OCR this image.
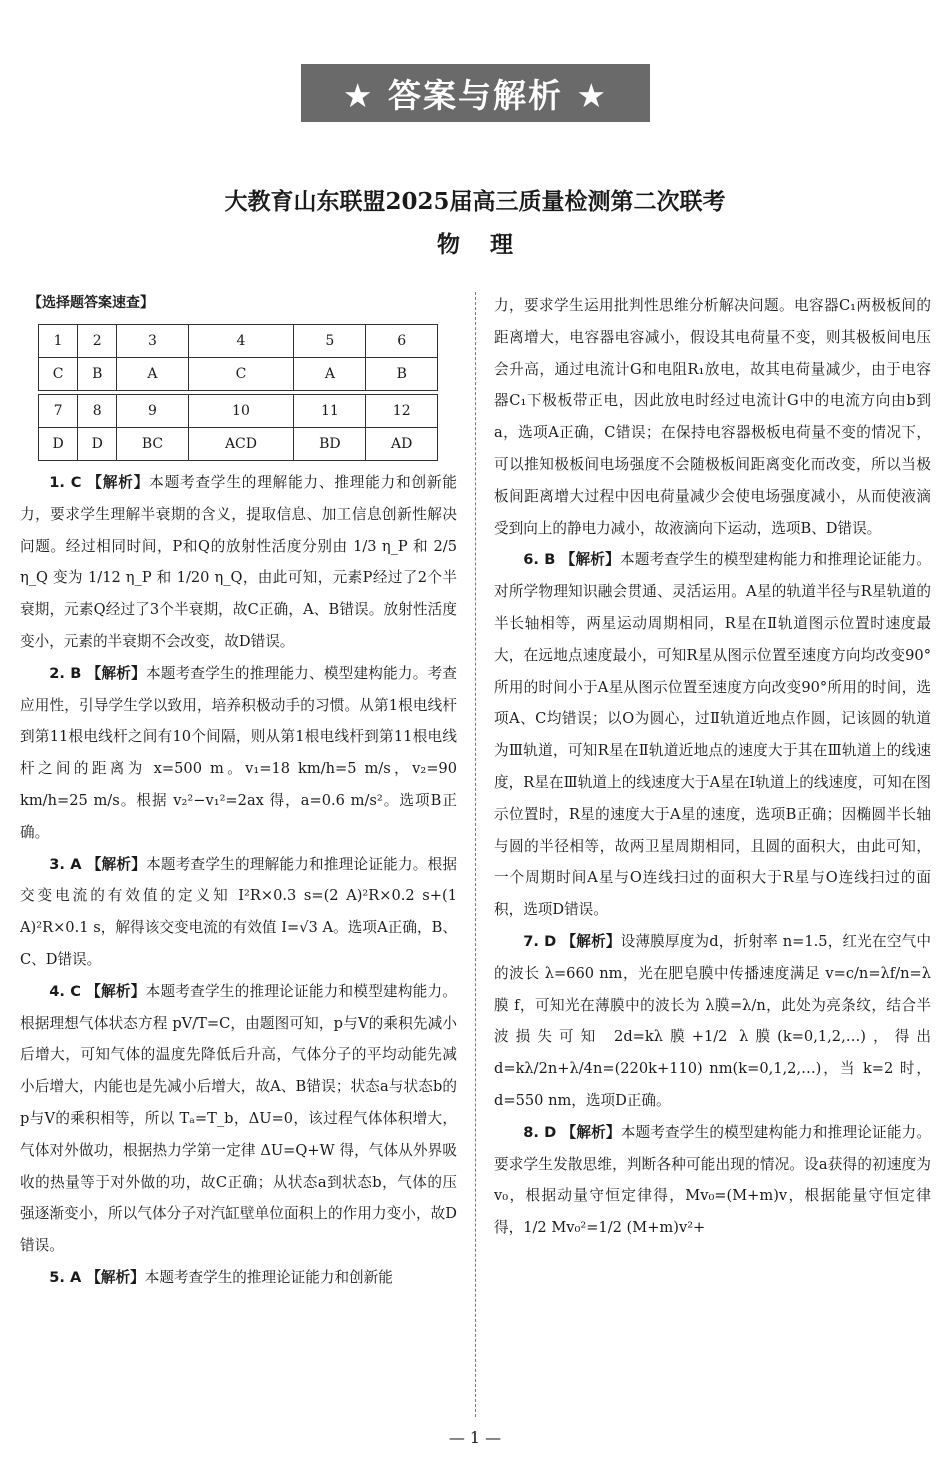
★ 答案与解析 ★
大教育山东联盟2025届高三质量检测第二次联考
物理
【选择题答案速查】
1	2	3	4	5	6
C	B	A	C	A	B

7	8	9	10	11	12
D	D	BC	ACD	BD	AD

1. C 【解析】本题考查学生的理解能力、推理能力和创新能力，要求学生理解半衰期的含义，提取信息、加工信息创新性解决问题。经过相同时间，P和Q的放射性活度分别由 1/3 η_P 和 2/5 η_Q 变为 1/12 η_P 和 1/20 η_Q，由此可知，元素P经过了2个半衰期，元素Q经过了3个半衰期，故C正确，A、B错误。放射性活度变小，元素的半衰期不会改变，故D错误。

2. B 【解析】本题考查学生的推理能力、模型建构能力。考查应用性，引导学生学以致用，培养积极动手的习惯。从第1根电线杆到第11根电线杆之间有10个间隔，则从第1根电线杆到第11根电线杆之间的距离为 x=500 m。v₁=18 km/h=5 m/s，v₂=90 km/h=25 m/s。根据 v₂²−v₁²=2ax 得，a=0.6 m/s²。选项B正确。

3. A 【解析】本题考查学生的理解能力和推理论证能力。根据交变电流的有效值的定义知 I²R×0.3 s=(2 A)²R×0.2 s+(1 A)²R×0.1 s，解得该交变电流的有效值 I=√3 A。选项A正确，B、C、D错误。

4. C 【解析】本题考查学生的推理论证能力和模型建构能力。根据理想气体状态方程 pV/T=C，由题图可知，p与V的乘积先减小后增大，可知气体的温度先降低后升高，气体分子的平均动能先减小后增大，内能也是先减小后增大，故A、B错误；状态a与状态b的p与V的乘积相等，所以 Tₐ=T_b，ΔU=0，该过程气体体积增大，气体对外做功，根据热力学第一定律 ΔU=Q+W 得，气体从外界吸收的热量等于对外做的功，故C正确；从状态a到状态b，气体的压强逐渐变小，所以气体分子对汽缸壁单位面积上的作用力变小，故D错误。

5. A 【解析】本题考查学生的推理论证能力和创新能

力，要求学生运用批判性思维分析解决问题。电容器C₁两极板间的距离增大，电容器电容减小，假设其电荷量不变，则其极板间电压会升高，通过电流计G和电阻R₁放电，故其电荷量减少，由于电容器C₁下极板带正电，因此放电时经过电流计G中的电流方向由b到a，选项A正确，C错误；在保持电容器极板电荷量不变的情况下，可以推知极板间电场强度不会随极板间距离变化而改变，所以当极板间距离增大过程中因电荷量减少会使电场强度减小，从而使液滴受到向上的静电力减小，故液滴向下运动，选项B、D错误。

6. B 【解析】本题考查学生的模型建构能力和推理论证能力。对所学物理知识融会贯通、灵活运用。A星的轨道半径与R星轨道的半长轴相等，两星运动周期相同，R星在Ⅱ轨道图示位置时速度最大，在远地点速度最小，可知R星从图示位置至速度方向均改变90°所用的时间小于A星从图示位置至速度方向改变90°所用的时间，选项A、C均错误；以O为圆心，过Ⅱ轨道近地点作圆，记该圆的轨道为Ⅲ轨道，可知R星在Ⅱ轨道近地点的速度大于其在Ⅲ轨道上的线速度，R星在Ⅲ轨道上的线速度大于A星在Ⅰ轨道上的线速度，可知在图示位置时，R星的速度大于A星的速度，选项B正确；因椭圆半长轴与圆的半径相等，故两卫星周期相同，且圆的面积大，由此可知，一个周期时间A星与O连线扫过的面积大于R星与O连线扫过的面积，选项D错误。

7. D 【解析】设薄膜厚度为d，折射率 n=1.5，红光在空气中的波长 λ=660 nm，光在肥皂膜中传播速度满足 v=c/n=λf/n=λ膜 f，可知光在薄膜中的波长为 λ膜=λ/n，此处为亮条纹，结合半波损失可知 2d=kλ膜+1/2 λ膜(k=0,1,2,…)，得出 d=kλ/2n+λ/4n=(220k+110) nm(k=0,1,2,…)，当 k=2 时，d=550 nm，选项D正确。

8. D 【解析】本题考查学生的模型建构能力和推理论证能力。要求学生发散思维，判断各种可能出现的情况。设a获得的初速度为 v₀，根据动量守恒定律得，Mv₀=(M+m)v，根据能量守恒定律得，1/2 Mv₀²=1/2 (M+m)v²+

— 1 —
